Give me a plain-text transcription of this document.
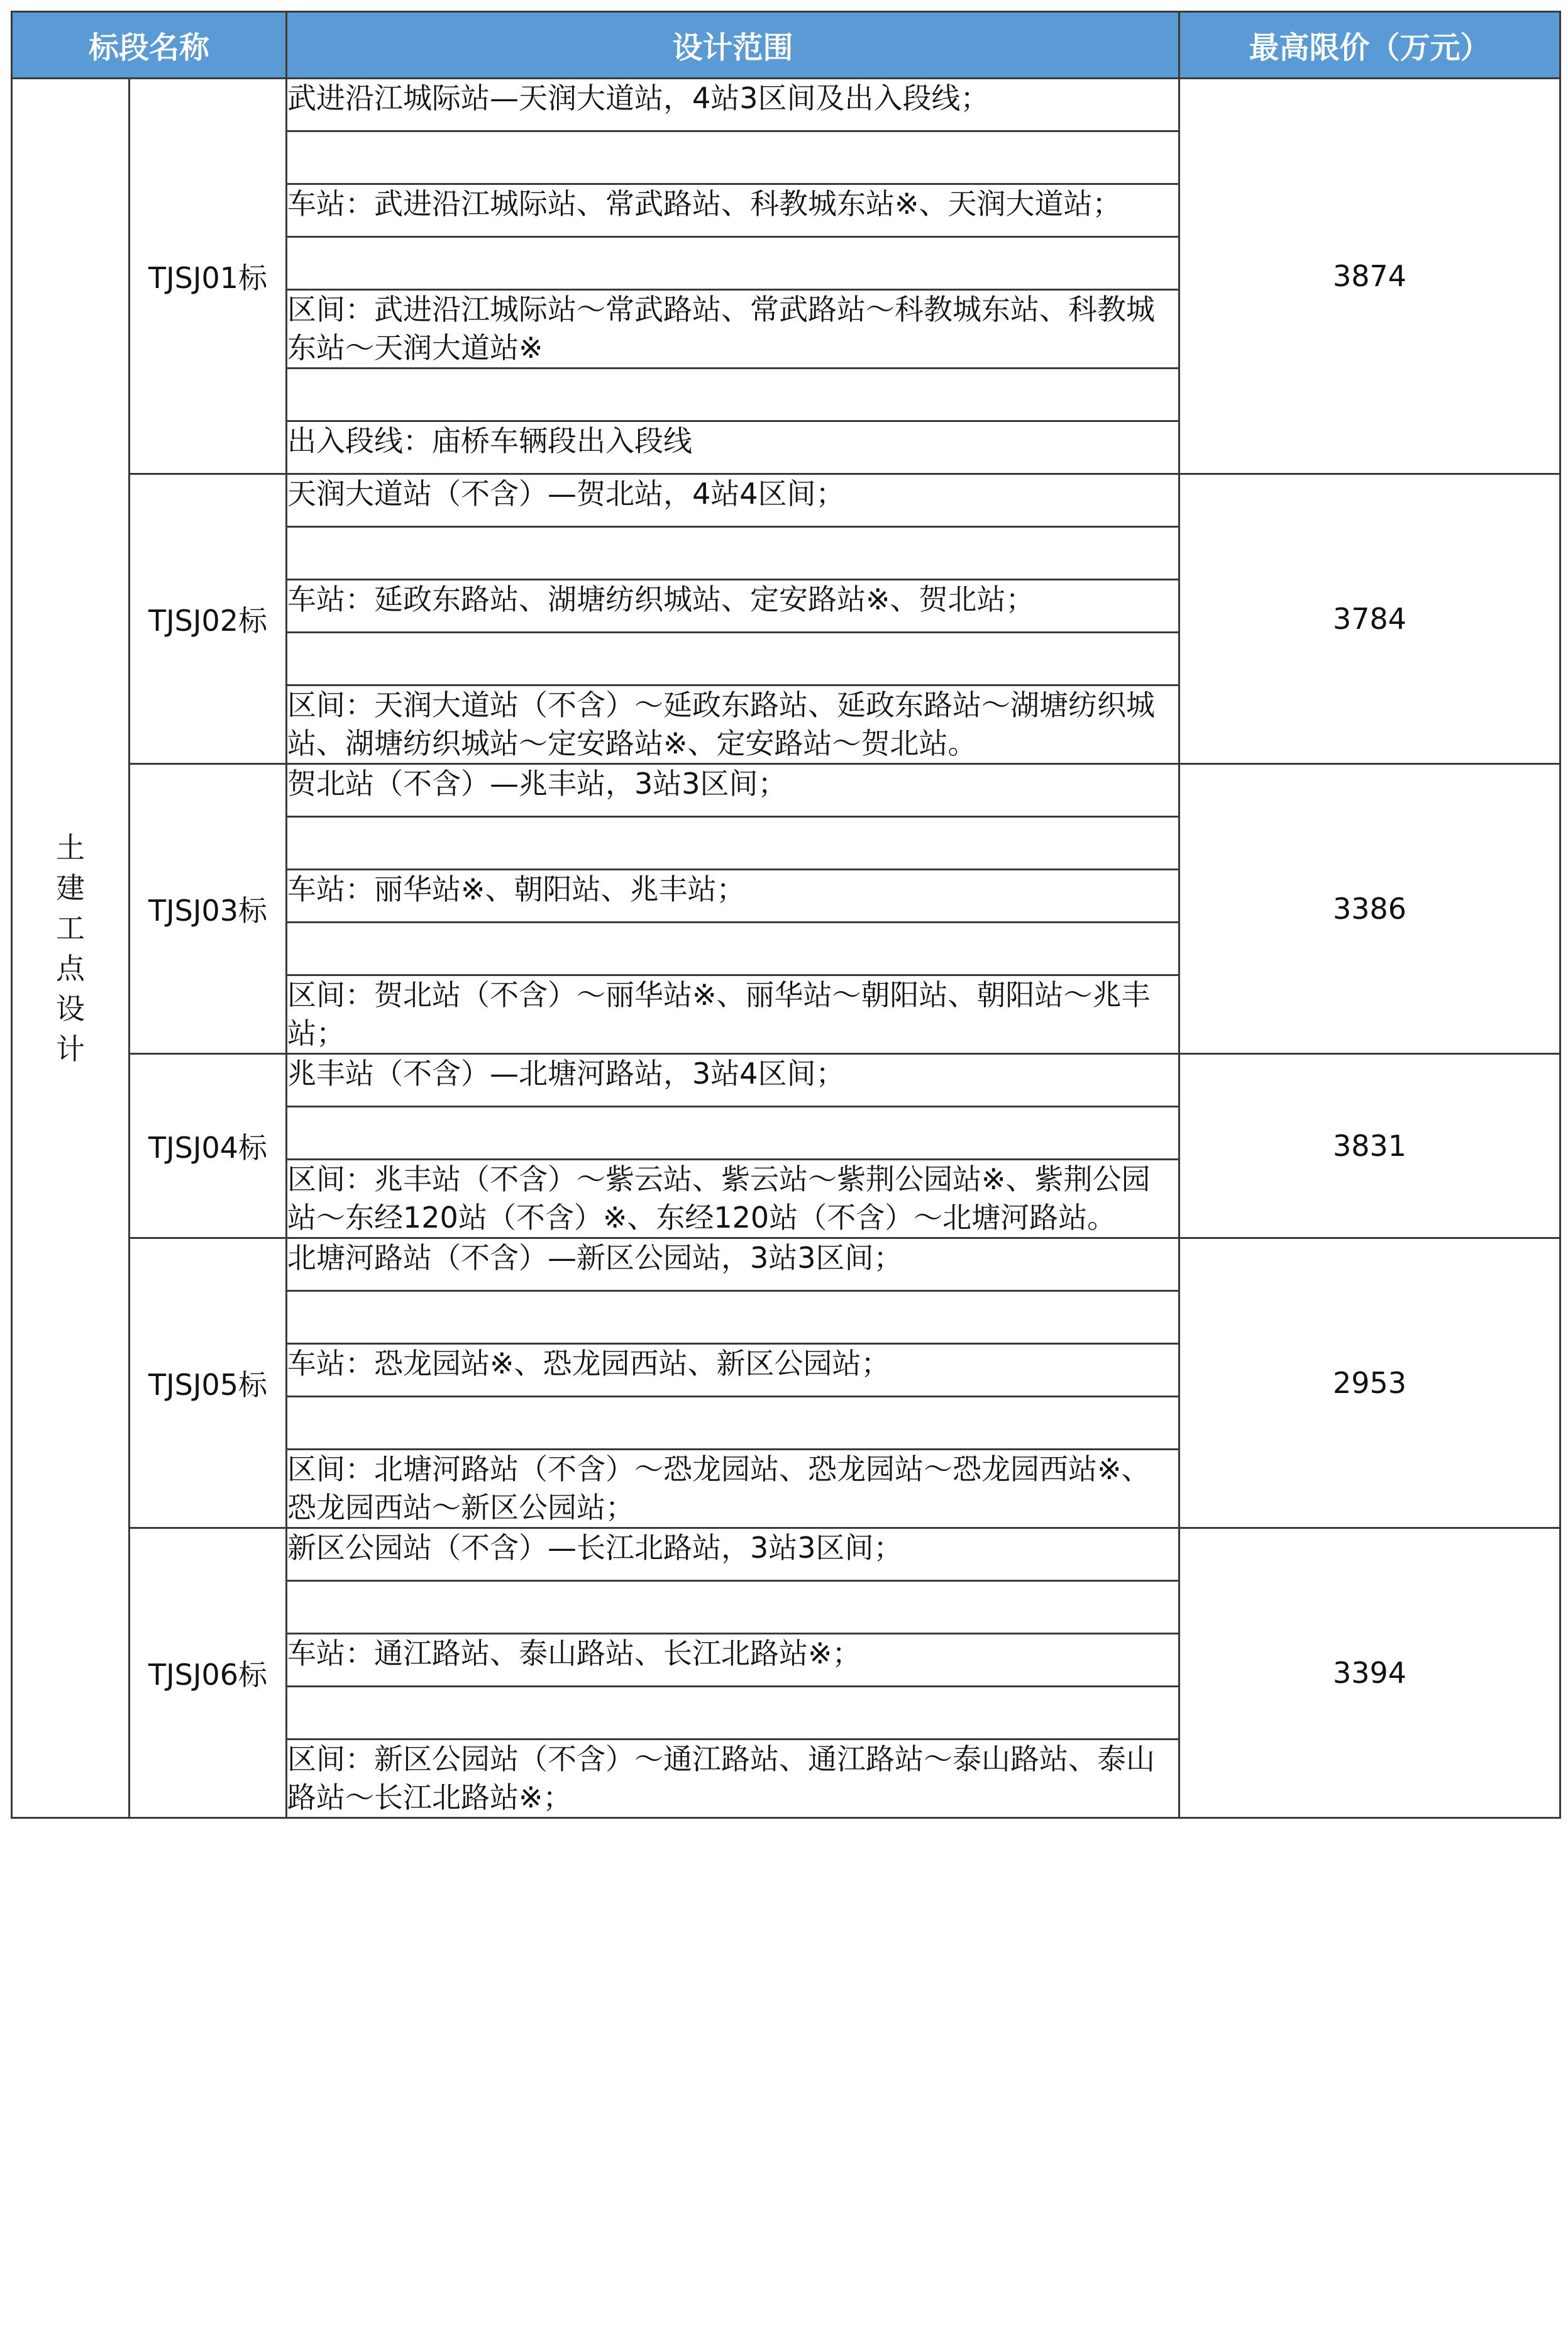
标段名称		设计范围	最高限价（万元）
土建工点设计	TJSJ01标	武进沿江城际站—天润大道站，4站3区间及出入段线；	3874

		车站：武进沿江城际站、常武路站、科教城东站※、天润大道站；	

		区间：武进沿江城际站～常武路站、常武路站～科教城东站、科教城东站～天润大道站※	

		出入段线：庙桥车辆段出入段线	
	TJSJ02标	天润大道站（不含）—贺北站，4站4区间；	3784

		车站：延政东路站、湖塘纺织城站、定安路站※、贺北站；	

		区间：天润大道站（不含）～延政东路站、延政东路站～湖塘纺织城站、湖塘纺织城站～定安路站※、定安路站～贺北站。	
	TJSJ03标	贺北站（不含）—兆丰站，3站3区间；	3386

		车站：丽华站※、朝阳站、兆丰站；	

		区间：贺北站（不含）～丽华站※、丽华站～朝阳站、朝阳站～兆丰站；	
	TJSJ04标	兆丰站（不含）—北塘河路站，3站4区间；	3831

		区间：兆丰站（不含）～紫云站、紫云站～紫荆公园站※、紫荆公园站～东经120站（不含）※、东经120站（不含）～北塘河路站。	
	TJSJ05标	北塘河路站（不含）—新区公园站，3站3区间；	2953

		车站：恐龙园站※、恐龙园西站、新区公园站；	

		区间：北塘河路站（不含）～恐龙园站、恐龙园站～恐龙园西站※、恐龙园西站～新区公园站；	
	TJSJ06标	新区公园站（不含）—长江北路站，3站3区间；	3394

		车站：通江路站、泰山路站、长江北路站※；	

		区间：新区公园站（不含）～通江路站、通江路站～泰山路站、泰山路站～长江北路站※；	
